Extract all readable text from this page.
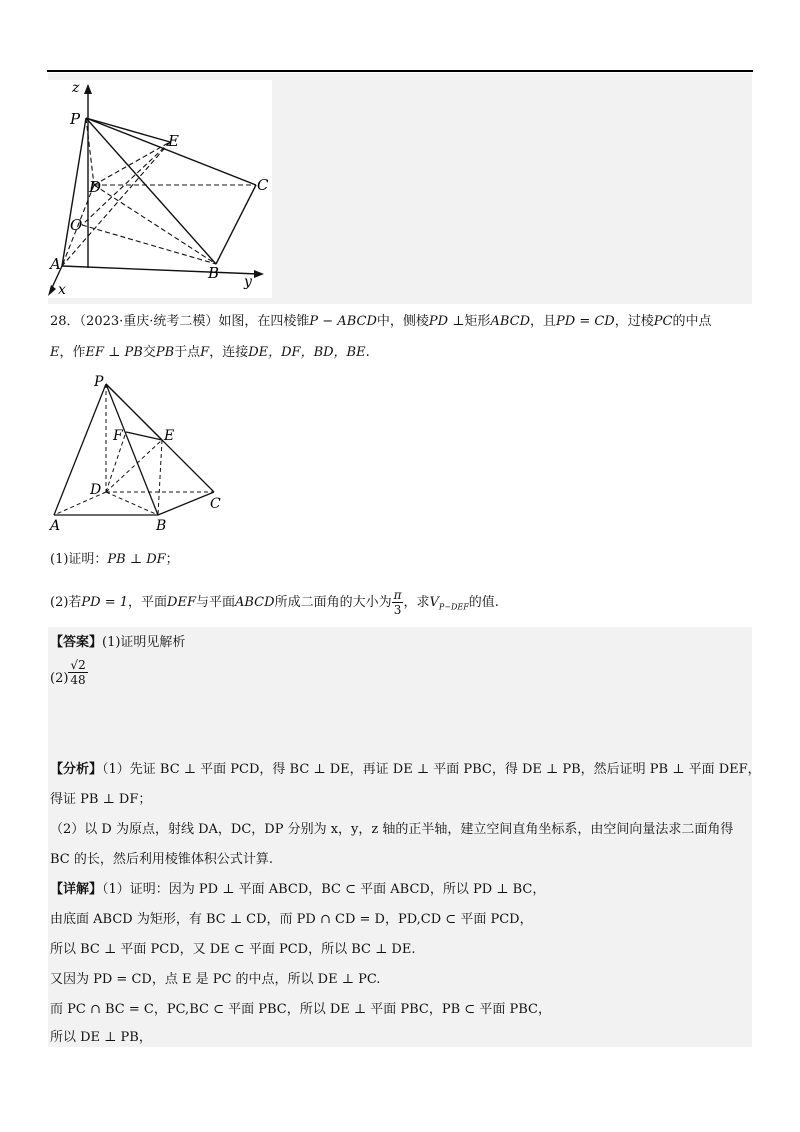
z
P
E
D	C
O
A	B y
x
28．（2023·重庆·统考二模）如图，在四棱锥P − ABCD中，侧棱PD ⊥矩形ABCD，且PD = CD，过棱PC的中点
E，作EF ⊥ PB交PB于点F，连接DE，DF，BD，BE.
P
F	E
D
C
A	B
(1)证明：PB ⊥ DF；
(2)若PD = 1，平面DEF与平面ABCD所成二面角的大小为 $\frac{\pi}{3}$ ，求$V_{P-DEF}$的值.
【答案】(1)证明见解析
$(2) \frac{√2}{48}$
【分析】（1）先证 BC ⊥ 平面 PCD，得 BC ⊥ DE，再证 DE ⊥ 平面 PBC，得 DE ⊥ PB，然后证明 PB ⊥ 平面 DEF，
得证 PB ⊥ DF；
（2）以 D 为原点，射线 DA，DC，DP 分别为 x，y，z 轴的正半轴，建立空间直角坐标系，由空间向量法求二面角得
BC 的长，然后利用棱锥体积公式计算.
【详解】（1）证明：因为 PD ⊥ 平面 ABCD，BC ⊂ 平面 ABCD，所以 PD ⊥ BC，
由底面 ABCD 为矩形，有 BC ⊥ CD，而 PD ∩ CD = D，PD,CD ⊂ 平面 PCD，
所以 BC ⊥ 平面 PCD，又 DE ⊂ 平面 PCD，所以 BC ⊥ DE.
又因为 PD = CD，点 E 是 PC 的中点，所以 DE ⊥ PC.
而 PC ∩ BC = C，PC,BC ⊂ 平面 PBC，所以 DE ⊥ 平面 PBC，PB ⊂ 平面 PBC，
所以 DE ⊥ PB，
